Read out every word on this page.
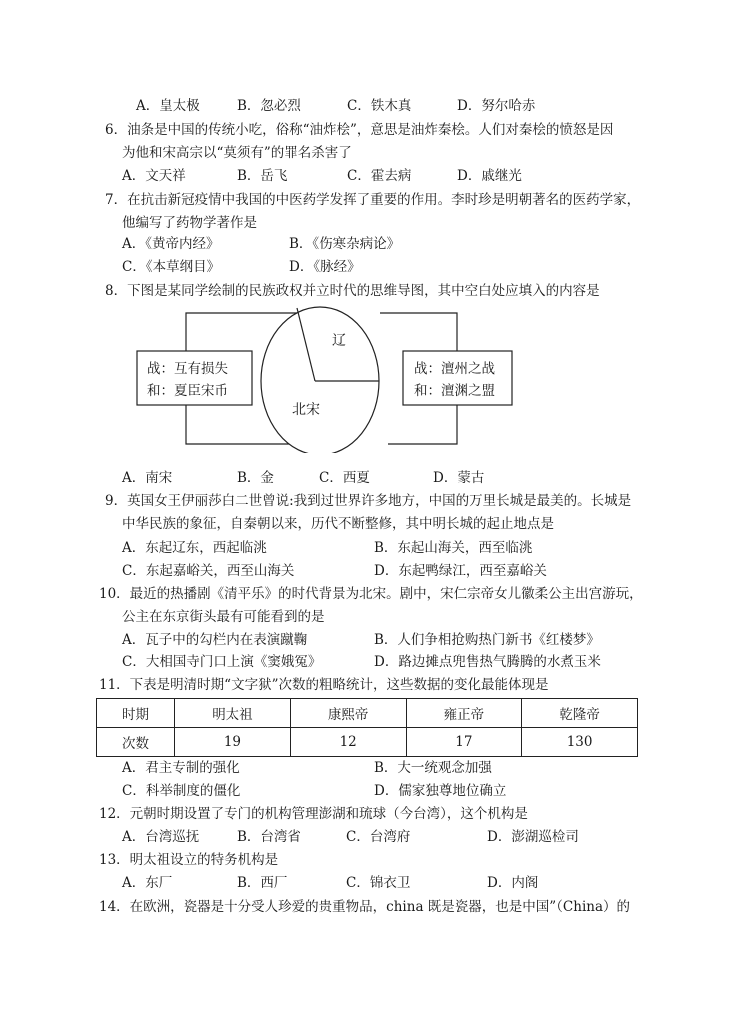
A．皇太极	B．忽必烈	C．铁木真	D．努尔哈赤
6．油条是中国的传统小吃，俗称“油炸桧”，意思是油炸秦桧。人们对秦桧的愤怒是因
为他和宋高宗以“莫须有”的罪名杀害了
A．文天祥	B．岳飞	C．霍去病	D．戚继光
7．在抗击新冠疫情中我国的中医药学发挥了重要的作用。李时珍是明朝著名的医药学家，
他编写了药物学著作是
A．《黄帝内经》	B．《伤寒杂病论》
C．《本草纲目》	D．《脉经》
8．下图是某同学绘制的民族政权并立时代的思维导图，其中空白处应填入的内容是
战：互有损失
和：夏臣宋币
战：澶州之战
和：澶渊之盟
辽
北宋
A．南宋	B．金	C．西夏	D．蒙古
9．英国女王伊丽莎白二世曾说:我到过世界许多地方，中国的万里长城是最美的。长城是
中华民族的象征，自秦朝以来，历代不断整修，其中明长城的起止地点是
A．东起辽东，西起临洮	B．东起山海关，西至临洮
C．东起嘉峪关，西至山海关	D．东起鸭绿江，西至嘉峪关
10．最近的热播剧《清平乐》的时代背景为北宋。剧中，宋仁宗帝女儿徽柔公主出宫游玩，
公主在东京街头最有可能看到的是
A．瓦子中的勾栏内在表演蹴鞠	B．人们争相抢购热门新书《红楼梦》
C．大相国寺门口上演《窦娥冤》	D．路边摊点兜售热气腾腾的水煮玉米
11．下表是明清时期“文字狱”次数的粗略统计，这些数据的变化最能体现是
时期	明太祖	康熙帝	雍正帝	乾隆帝
次数	19	12	17	130
A．君主专制的强化	B．大一统观念加强
C．科举制度的僵化	D．儒家独尊地位确立
12．元朝时期设置了专门的机构管理澎湖和琉球（今台湾），这个机构是
A．台湾巡抚	B．台湾省	C．台湾府	D．澎湖巡检司
13．明太祖设立的特务机构是
A．东厂	B．西厂	C．锦衣卫	D．内阁
14．在欧洲，瓷器是十分受人珍爱的贵重物品，china 既是瓷器，也是中国”（China）的
